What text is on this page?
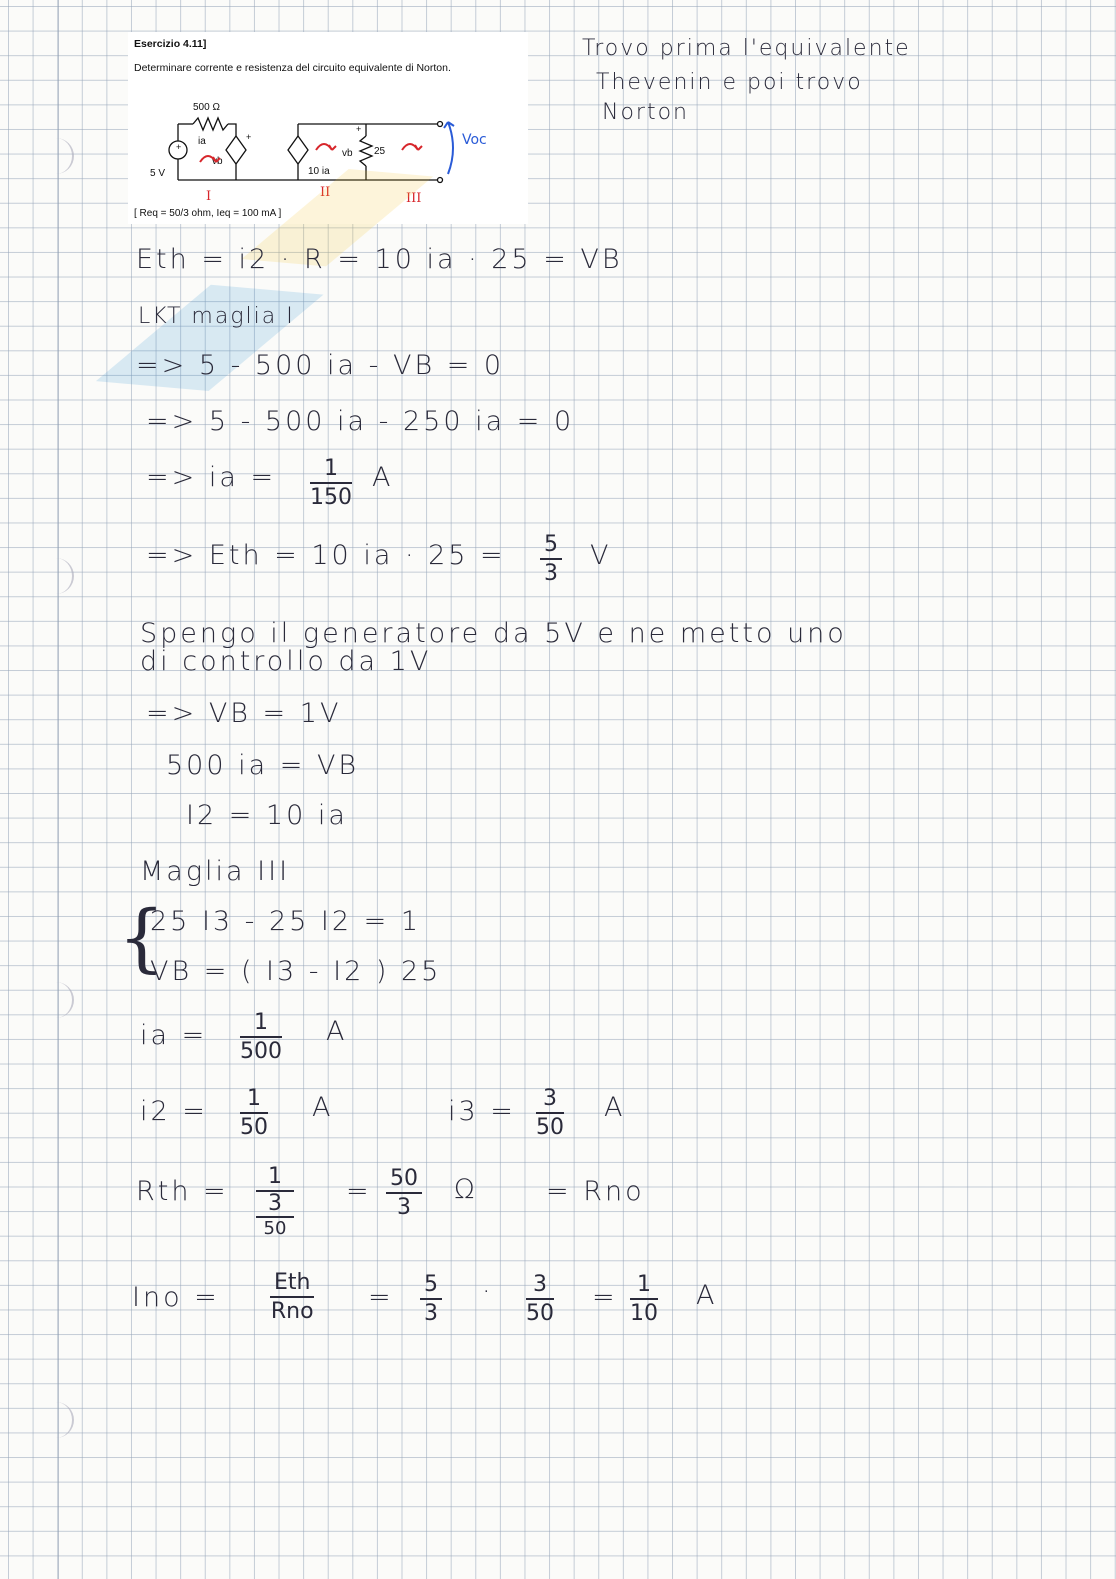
Esercizio 4.11]
Determinare corrente e resistenza del circuito equivalente di Norton.
500 Ω
5 V
ia
vb
10 ia
vb 25
+
+
+
I	II	III
Voc
[ Req = 50/3 ohm, Ieq = 100 mA ]
Trovo prima l'equivalente
Thevenin e poi trovo
Norton
Eth = i2 · R = 10 ia · 25 = VB
LKT maglia I
=> 5 - 500 ia - VB = 0
=> 5 - 500 ia - 250 ia = 0
=> ia = $\frac{1}{150}$ A
=> Eth = 10 ia · $25 = \frac{5}{3}$ V
Spengo il generatore da 5V e ne metto uno
di controllo da 1V
=> VB = 1V
500 ia = VB
I2 = 10 ia
Maglia III
{
25 I3 - 25 I2 = 1
VB = ( I3 - I2 ) 25
ia = $\frac{1}{500}$ A
$i2 = \frac{1}{50}$ A	$i3 = \frac{3}{50}$ A
Rth =	1
3
50
= $\frac{50}{3}$ Ω	= Rno
Ino = Eth
Rno = $\frac{5}{3} \cdot \frac{3}{50} = \frac{1}{10}$ A
